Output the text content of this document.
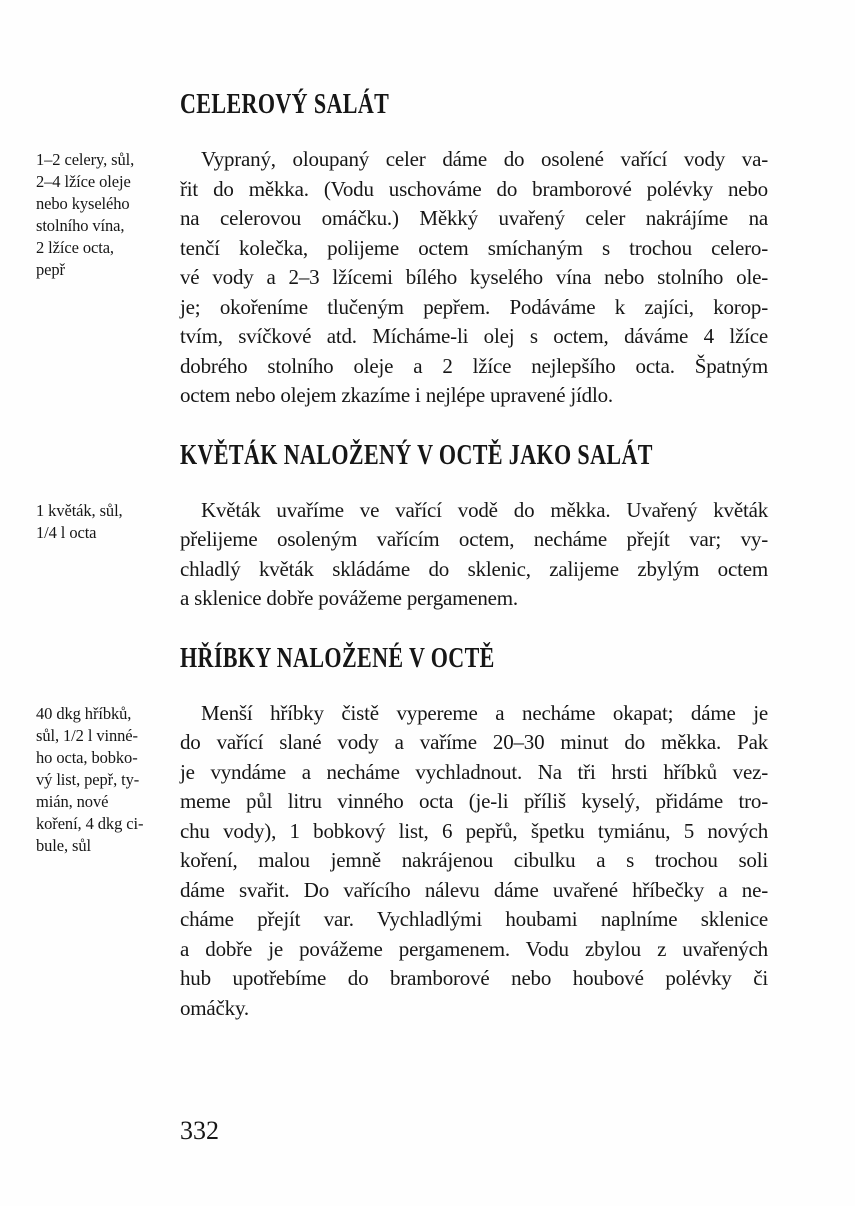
CELEROVÝ SALÁT
1–2 celery, sůl,
2–4 lžíce oleje
nebo kyselého
stolního vína,
2 lžíce octa,
pepř
Vypraný, oloupaný celer dáme do osolené vařící vody va-
řit do měkka. (Vodu uschováme do bramborové polévky nebo
na celerovou omáčku.) Měkký uvařený celer nakrájíme na
tenčí kolečka, polijeme octem smíchaným s trochou celero-
vé vody a 2–3 lžícemi bílého kyselého vína nebo stolního ole-
je; okořeníme tlučeným pepřem. Podáváme k zajíci, korop-
tvím, svíčkové atd. Mícháme-li olej s octem, dáváme 4 lžíce
dobrého stolního oleje a 2 lžíce nejlepšího octa. Špatným
octem nebo olejem zkazíme i nejlépe upravené jídlo.
KVĚTÁK NALOŽENÝ V OCTĚ JAKO SALÁT
1 květák, sůl,
1/4 l octa
Květák uvaříme ve vařící vodě do měkka. Uvařený květák
přelijeme osoleným vařícím octem, necháme přejít var; vy-
chladlý květák skládáme do sklenic, zalijeme zbylým octem
a sklenice dobře povážeme pergamenem.
HŘÍBKY NALOŽENÉ V OCTĚ
40 dkg hříbků,
sůl, 1/2 l vinné-
ho octa, bobko-
vý list, pepř, ty-
mián, nové
koření, 4 dkg ci-
bule, sůl
Menší hříbky čistě vypereme a necháme okapat; dáme je
do vařící slané vody a vaříme 20–30 minut do měkka. Pak
je vyndáme a necháme vychladnout. Na tři hrsti hříbků vez-
meme půl litru vinného octa (je-li příliš kyselý, přidáme tro-
chu vody), 1 bobkový list, 6 pepřů, špetku tymiánu, 5 nových
koření, malou jemně nakrájenou cibulku a s trochou soli
dáme svařit. Do vařícího nálevu dáme uvařené hříbečky a ne-
cháme přejít var. Vychladlými houbami naplníme sklenice
a dobře je povážeme pergamenem. Vodu zbylou z uvařených
hub upotřebíme do bramborové nebo houbové polévky či
omáčky.
332
